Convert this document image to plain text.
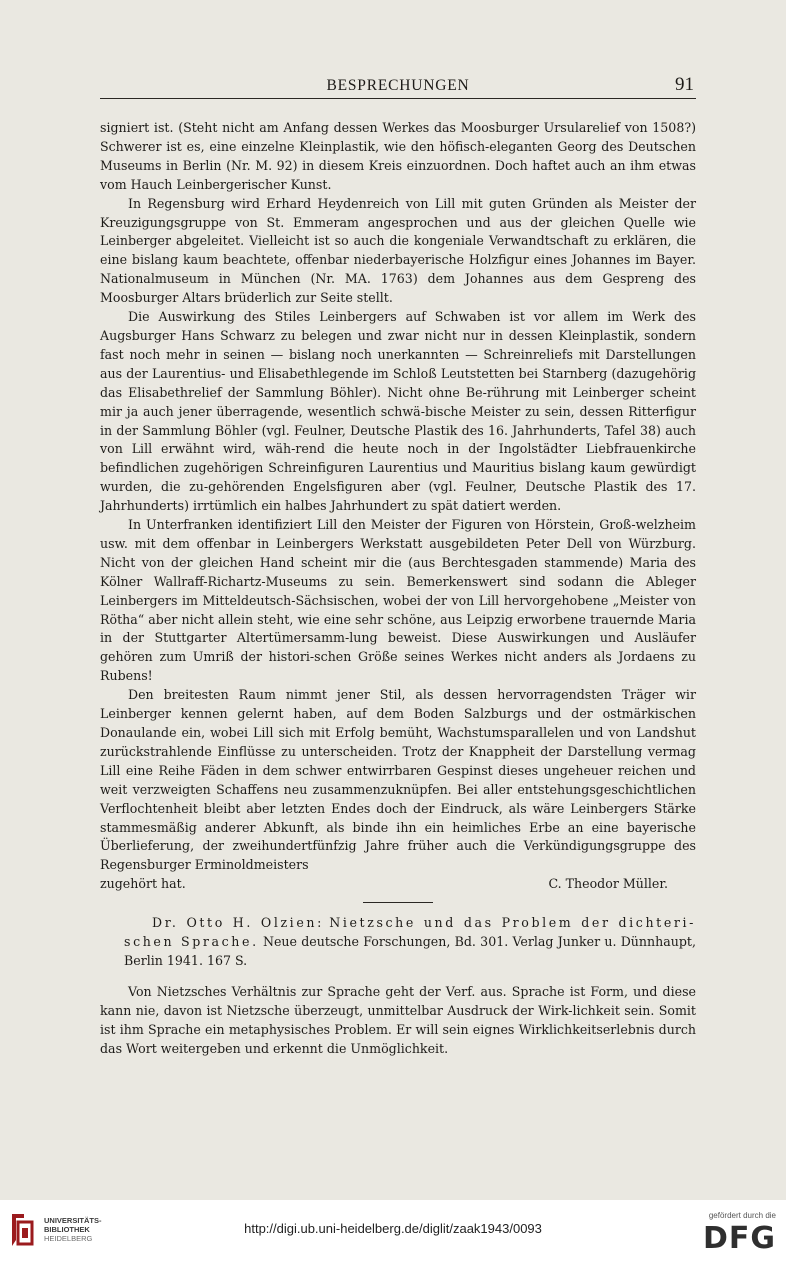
BESPRECHUNGEN	91

signiert ist. (Steht nicht am Anfang dessen Werkes das Moosburger Ursularelief von 1508?) Schwerer ist es, eine einzelne Kleinplastik, wie den höfisch-eleganten Georg des Deutschen Museums in Berlin (Nr. M. 92) in diesem Kreis einzuordnen. Doch haftet auch an ihm etwas vom Hauch Leinbergerischer Kunst.

In Regensburg wird Erhard Heydenreich von Lill mit guten Gründen als Meister der Kreuzigungsgruppe von St. Emmeram angesprochen und aus der gleichen Quelle wie Leinberger abgeleitet. Vielleicht ist so auch die kongeniale Verwandtschaft zu erklären, die eine bislang kaum beachtete, offenbar niederbayerische Holzfigur eines Johannes im Bayer. Nationalmuseum in München (Nr. MA. 1763) dem Johannes aus dem Gespreng des Moosburger Altars brüderlich zur Seite stellt.

Die Auswirkung des Stiles Leinbergers auf Schwaben ist vor allem im Werk des Augsburger Hans Schwarz zu belegen und zwar nicht nur in dessen Kleinplastik, sondern fast noch mehr in seinen — bislang noch unerkannten — Schreinreliefs mit Darstellungen aus der Laurentius- und Elisabethlegende im Schloß Leutstetten bei Starnberg (dazugehörig das Elisabethrelief der Sammlung Böhler). Nicht ohne Be-rührung mit Leinberger scheint mir ja auch jener überragende, wesentlich schwä-bische Meister zu sein, dessen Ritterfigur in der Sammlung Böhler (vgl. Feulner, Deutsche Plastik des 16. Jahrhunderts, Tafel 38) auch von Lill erwähnt wird, wäh-rend die heute noch in der Ingolstädter Liebfrauenkirche befindlichen zugehörigen Schreinfiguren Laurentius und Mauritius bislang kaum gewürdigt wurden, die zu-gehörenden Engelsfiguren aber (vgl. Feulner, Deutsche Plastik des 17. Jahrhunderts) irrtümlich ein halbes Jahrhundert zu spät datiert werden.

In Unterfranken identifiziert Lill den Meister der Figuren von Hörstein, Groß-welzheim usw. mit dem offenbar in Leinbergers Werkstatt ausgebildeten Peter Dell von Würzburg. Nicht von der gleichen Hand scheint mir die (aus Berchtesgaden stammende) Maria des Kölner Wallraff-Richartz-Museums zu sein. Bemerkenswert sind sodann die Ableger Leinbergers im Mitteldeutsch-Sächsischen, wobei der von Lill hervorgehobene „Meister von Rötha“ aber nicht allein steht, wie eine sehr schöne, aus Leipzig erworbene trauernde Maria in der Stuttgarter Altertümersamm-lung beweist. Diese Auswirkungen und Ausläufer gehören zum Umriß der histori-schen Größe seines Werkes nicht anders als Jordaens zu Rubens!

Den breitesten Raum nimmt jener Stil, als dessen hervorragendsten Träger wir Leinberger kennen gelernt haben, auf dem Boden Salzburgs und der ostmärkischen Donaulande ein, wobei Lill sich mit Erfolg bemüht, Wachstumsparallelen und von Landshut zurückstrahlende Einflüsse zu unterscheiden. Trotz der Knappheit der Darstellung vermag Lill eine Reihe Fäden in dem schwer entwirrbaren Gespinst dieses ungeheuer reichen und weit verzweigten Schaffens neu zusammenzuknüpfen. Bei aller entstehungsgeschichtlichen Verflochtenheit bleibt aber letzten Endes doch der Eindruck, als wäre Leinbergers Stärke stammesmäßig anderer Abkunft, als binde ihn ein heimliches Erbe an eine bayerische Überlieferung, der zweihundertfünfzig Jahre früher auch die Verkündigungsgruppe des Regensburger Erminoldmeisters

zugehört hat.	C. Theodor Müller.

Dr. Otto H. Olzien: Nietzsche und das Problem der dichteri-schen Sprache. Neue deutsche Forschungen, Bd. 301. Verlag Junker u. Dünnhaupt, Berlin 1941. 167 S.

Von Nietzsches Verhältnis zur Sprache geht der Verf. aus. Sprache ist Form, und diese kann nie, davon ist Nietzsche überzeugt, unmittelbar Ausdruck der Wirk-lichkeit sein. Somit ist ihm Sprache ein metaphysisches Problem. Er will sein eignes Wirklichkeitserlebnis durch das Wort weitergeben und erkennt die Unmöglichkeit.

UNIVERSITÄTS-
BIBLIOTHEK
HEIDELBERG
http://digi.ub.uni-heidelberg.de/diglit/zaak1943/0093
gefördert durch die
DFG
